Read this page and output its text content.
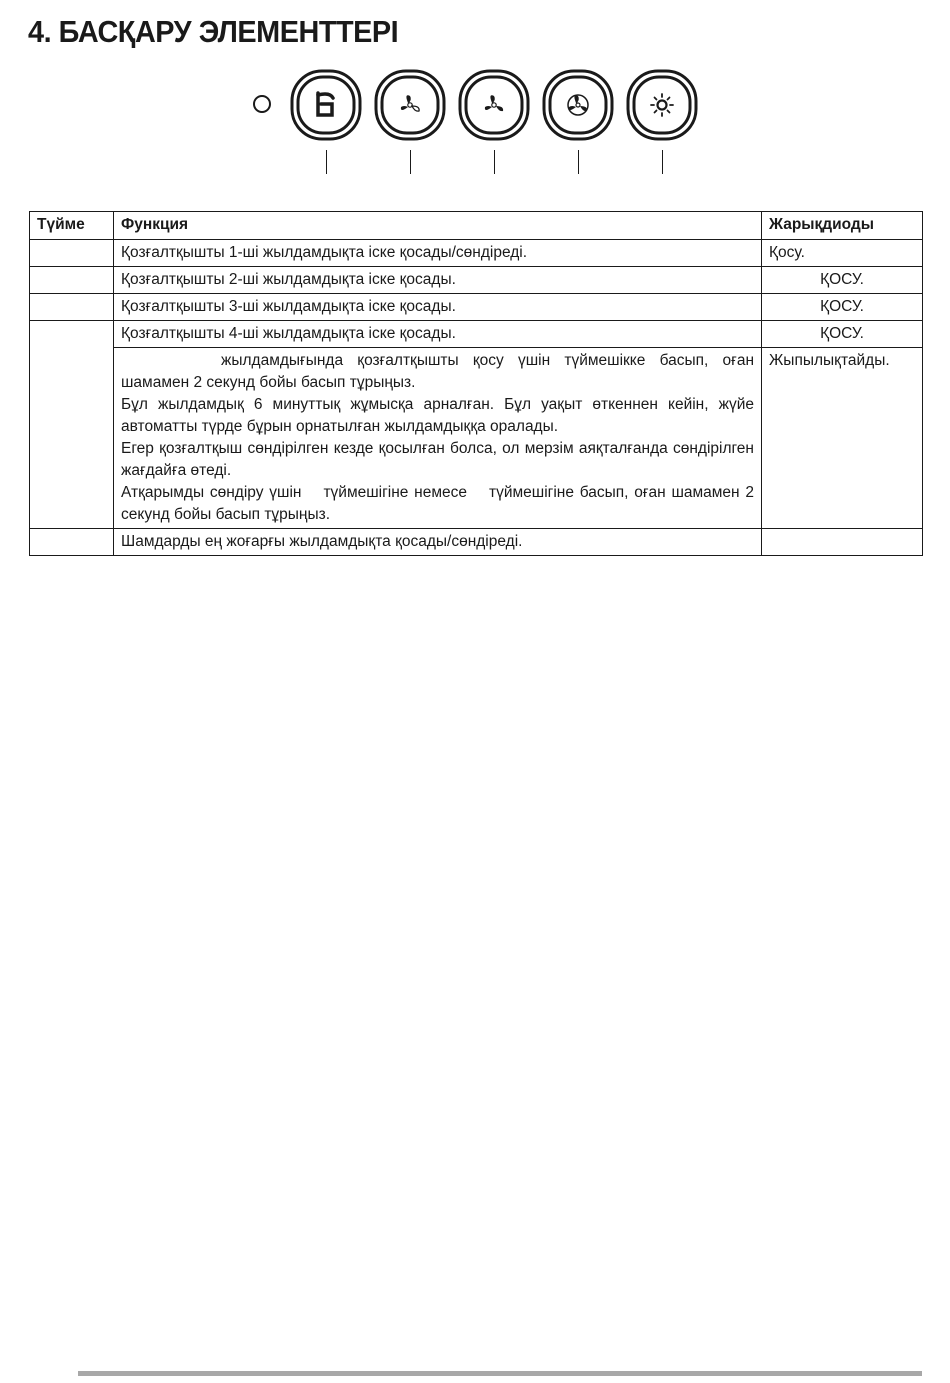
4. БАСҚАРУ ЭЛЕМЕНТТЕРІ
Түйме	Функция	Жарықдиоды
	Қозғалтқышты 1-ші жылдамдықта іске қосады/сөндіреді.	Қосу.
	Қозғалтқышты 2-ші жылдамдықта іске қосады.	ҚОСУ.
	Қозғалтқышты 3-ші жылдамдықта іске қосады.	ҚОСУ.
	Қозғалтқышты 4-ші жылдамдықта іске қосады.	ҚОСУ.

	жылдамдығында қозғалтқышты қосу үшін түймешікке басып, оған шамамен 2 секунд бойы басып тұрыңыз.
Бұл жылдамдық 6 минуттық жұмысқа арналған. Бұл уақыт өткеннен кейін, жүйе автоматты түрде бұрын орнатылған жылдамдыққа оралады.
Егер қозғалтқыш сөндірілген кезде қосылған болса, ол мерзім аяқталғанда сөндірілген жағдайға өтеді.
Атқарымды сөндіру үшін түймешігіне немесе түймешігіне басып, оған шамамен 2 секунд бойы басып тұрыңыз.	Жыпылықтайды.
	Шамдарды ең жоғарғы жылдамдықта қосады/сөндіреді.	
